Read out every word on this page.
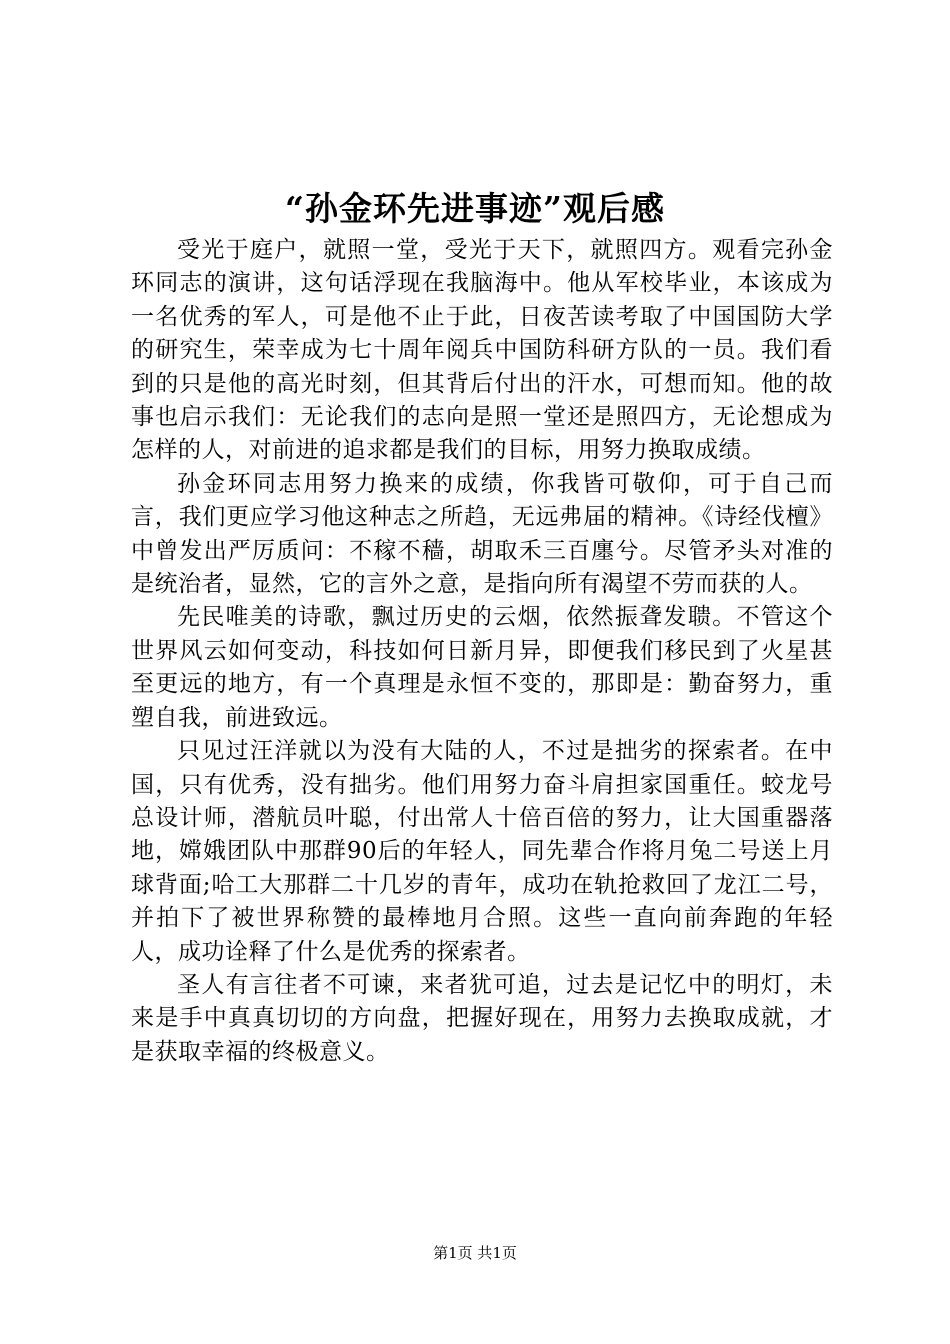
“孙金环先进事迹”观后感

受光于庭户，就照一堂，受光于天下，就照四方。观看完孙金环同志的演讲，这句话浮现在我脑海中。他从军校毕业，本该成为一名优秀的军人，可是他不止于此，日夜苦读考取了中国国防大学的研究生，荣幸成为七十周年阅兵中国防科研方队的一员。我们看到的只是他的高光时刻，但其背后付出的汗水，可想而知。他的故事也启示我们：无论我们的志向是照一堂还是照四方，无论想成为怎样的人，对前进的追求都是我们的目标，用努力换取成绩。

孙金环同志用努力换来的成绩，你我皆可敬仰，可于自己而言，我们更应学习他这种志之所趋，无远弗届的精神。《诗经伐檀》中曾发出严厉质问：不稼不穑，胡取禾三百廛兮。尽管矛头对准的是统治者，显然，它的言外之意，是指向所有渴望不劳而获的人。

先民唯美的诗歌，飘过历史的云烟，依然振聋发聩。不管这个世界风云如何变动，科技如何日新月异，即便我们移民到了火星甚至更远的地方，有一个真理是永恒不变的，那即是：勤奋努力，重塑自我，前进致远。

只见过汪洋就以为没有大陆的人，不过是拙劣的探索者。在中国，只有优秀，没有拙劣。他们用努力奋斗肩担家国重任。蛟龙号总设计师，潜航员叶聪，付出常人十倍百倍的努力，让大国重器落地，嫦娥团队中那群90后的年轻人，同先辈合作将月兔二号送上月球背面;哈工大那群二十几岁的青年，成功在轨抢救回了龙江二号，并拍下了被世界称赞的最棒地月合照。这些一直向前奔跑的年轻人，成功诠释了什么是优秀的探索者。

圣人有言往者不可谏，来者犹可追，过去是记忆中的明灯，未来是手中真真切切的方向盘，把握好现在，用努力去换取成就，才是获取幸福的终极意义。

第1页 共1页
